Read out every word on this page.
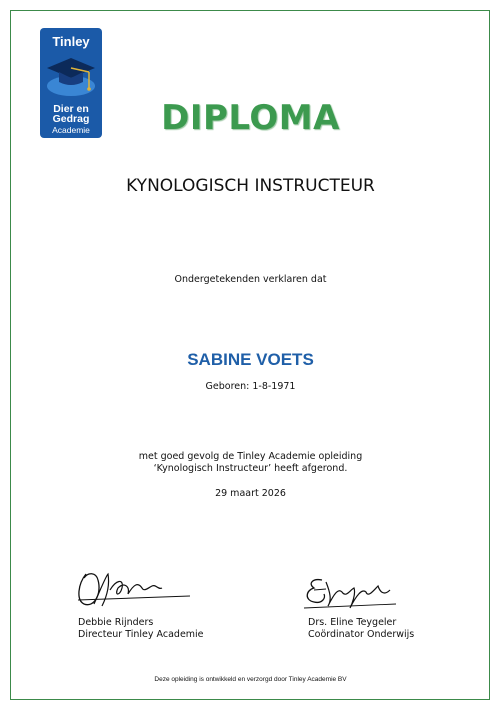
Tinley
Dier en
Gedrag
Academie	DIPLOMA
KYNOLOGISCH INSTRUCTEUR
Ondergetekenden verklaren dat
SABINE VOETS
Geboren: 1-8-1971
met goed gevolg de Tinley Academie opleiding
‘Kynologisch Instructeur’ heeft afgerond.
29 maart 2026
Debbie Rijnders
Directeur Tinley Academie
Drs. Eline Teygeler
Coördinator Onderwijs
Deze opleiding is ontwikkeld en verzorgd door Tinley Academie BV
